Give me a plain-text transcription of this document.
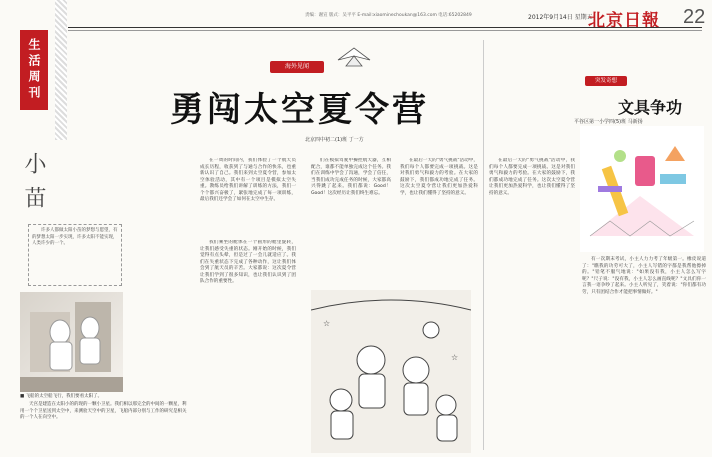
责编：谢宣 版式：吴平平 E-mail:xiaominechoukan@163.com 电话:65202849	2012年9月14日 星期五
北京日報 22
生活周刊
小苗
许多人都做太阳小苗的梦想与愿望，有的梦想太阳一步实现，许多太阳不能实现，人类许少的一个。
■ 飞船的太空船飞行，我们要看太阳了。
天宫是建造在太阳小的的现的一颗小卫星。我们相以那完全的中间的一颗星，利用一个个卫星送到太空中，来测验天空中的卫星，飞船内部分别与工作的研究是相关的一个人在向空中。
海外见闻
勇闯太空夏令营
北京四中初二(1)班 丁一方
在一周的时间内，我们体验了一个航天员成长历程，收获到了与通与合作的快乐，也重新认识了自己。我们来到太空夏令营，参加太空体验活动，其中有一个项目是模拟太空失重。教练员给我们讲解了训练的方法，我们一个个都兴奋极了，紧张地完成了每一项训练，最后我们还学会了如何在太空中生存。
我们乘坐的舱体在一个圆形的舱里旋转，让我们感受失重的状态。刚开始的时候，我们觉得有点头晕，但是过了一会儿就适应了。我们在失重状态下完成了各种动作，这让我们体会到了航天员的辛苦。大家都说：这次夏令营让我们学到了很多知识，也让我们认识到了团队合作的重要性。
们在模拟驾驶中操控航天器，互相配合，谁都不能单独完成这个任务。我们在训练中学会了沟通，学会了信任，当我们成功完成任务的时候，大家都高兴得跳了起来。我们都说：Good！Good！这次经历让我们终生难忘。
在最后一天的"勇气挑战"活动中，我们每个人都要完成一项挑战。这是对我们勇气和毅力的考验。在大家的鼓励下，我们都成功地完成了任务。这次太空夏令营让我们更加热爱科学，也让我们懂得了坚持的意义。
☆
☆
在最后一天的"勇气挑战"活动中，我们每个人都要完成一项挑战。这是对我们勇气和毅力的考验。在大家的鼓励下，我们都成功地完成了任务。这次太空夏令营让我们更加热爱科学，也让我们懂得了坚持的意义。
突发奇想
文具争功
平谷区第一小学四(5)班 马新扬
有一次期末考试，小主人力力考了年级第一。橡皮说道了："瞧我的功劳可大了，小主人写错的字都是我帮他擦掉的。"铅笔不服气地说："如果没有我，小主人怎么写字呢？"尺子说："没有我，小主人怎么画直线呢？"文具们你一言我一语争吵了起来。小主人听见了，笑着说："你们都有功劳，只有团结合作才能把事情做好。"
